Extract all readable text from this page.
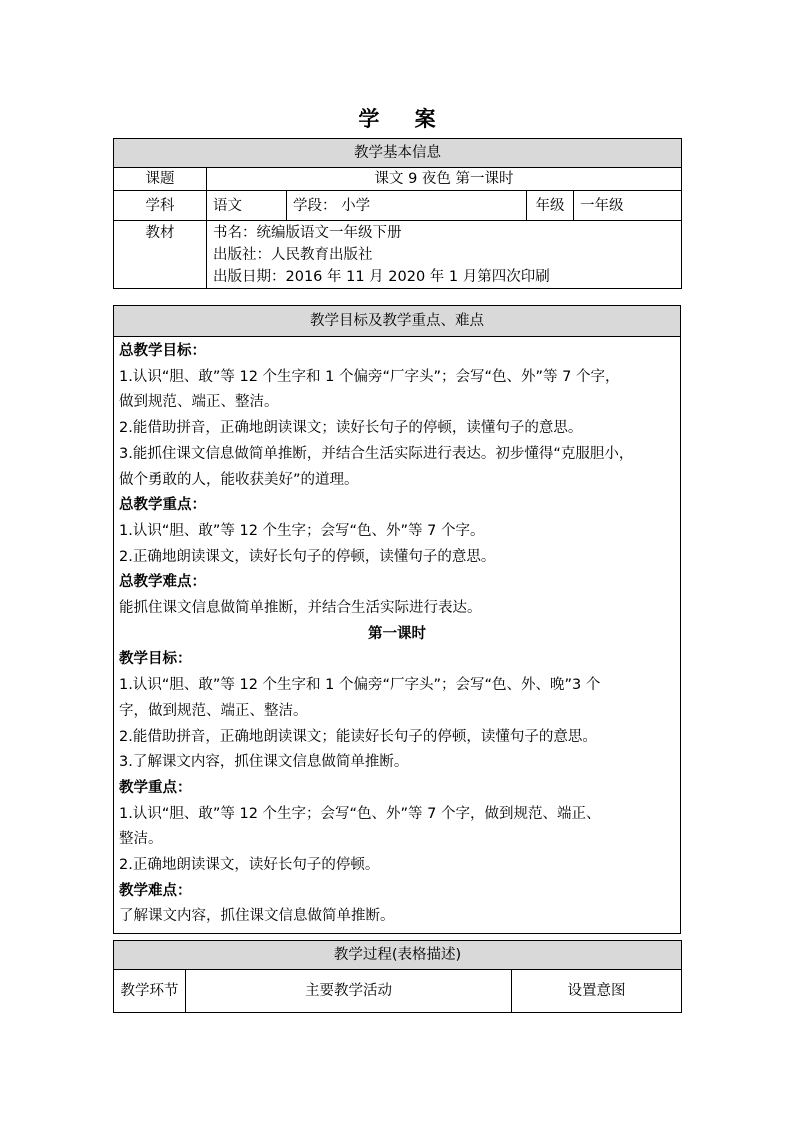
学 案
教学基本信息				
课题	课文 9 夜色 第一课时			
学科	语文	学段： 小学	年级	一年级
教材	书名：统编版语文一年级下册
出版社：人民教育出版社
出版日期：2016 年 11 月 2020 年 1 月第四次印刷			
教学目标及教学重点、难点

总教学目标：

1.认识“胆、敢”等 12 个生字和 1 个偏旁“厂字头”；会写“色、外”等 7 个字，

做到规范、端正、整洁。

2.能借助拼音，正确地朗读课文；读好长句子的停顿，读懂句子的意思。

3.能抓住课文信息做简单推断，并结合生活实际进行表达。初步懂得“克服胆小，

做个勇敢的人，能收获美好”的道理。

总教学重点：

1.认识“胆、敢”等 12 个生字；会写“色、外”等 7 个字。

2.正确地朗读课文，读好长句子的停顿，读懂句子的意思。

总教学难点：

能抓住课文信息做简单推断，并结合生活实际进行表达。

第一课时

教学目标：

1.认识“胆、敢”等 12 个生字和 1 个偏旁“厂字头”；会写“色、外、晚”3 个

字，做到规范、端正、整洁。

2.能借助拼音，正确地朗读课文；能读好长句子的停顿，读懂句子的意思。

3.了解课文内容，抓住课文信息做简单推断。

教学重点：

1.认识“胆、敢”等 12 个生字；会写“色、外”等 7 个字，做到规范、端正、

整洁。

2.正确地朗读课文，读好长句子的停顿。

教学难点：

了解课文内容，抓住课文信息做简单推断。

教学过程(表格描述)
教学环节	主要教学活动	设置意图
